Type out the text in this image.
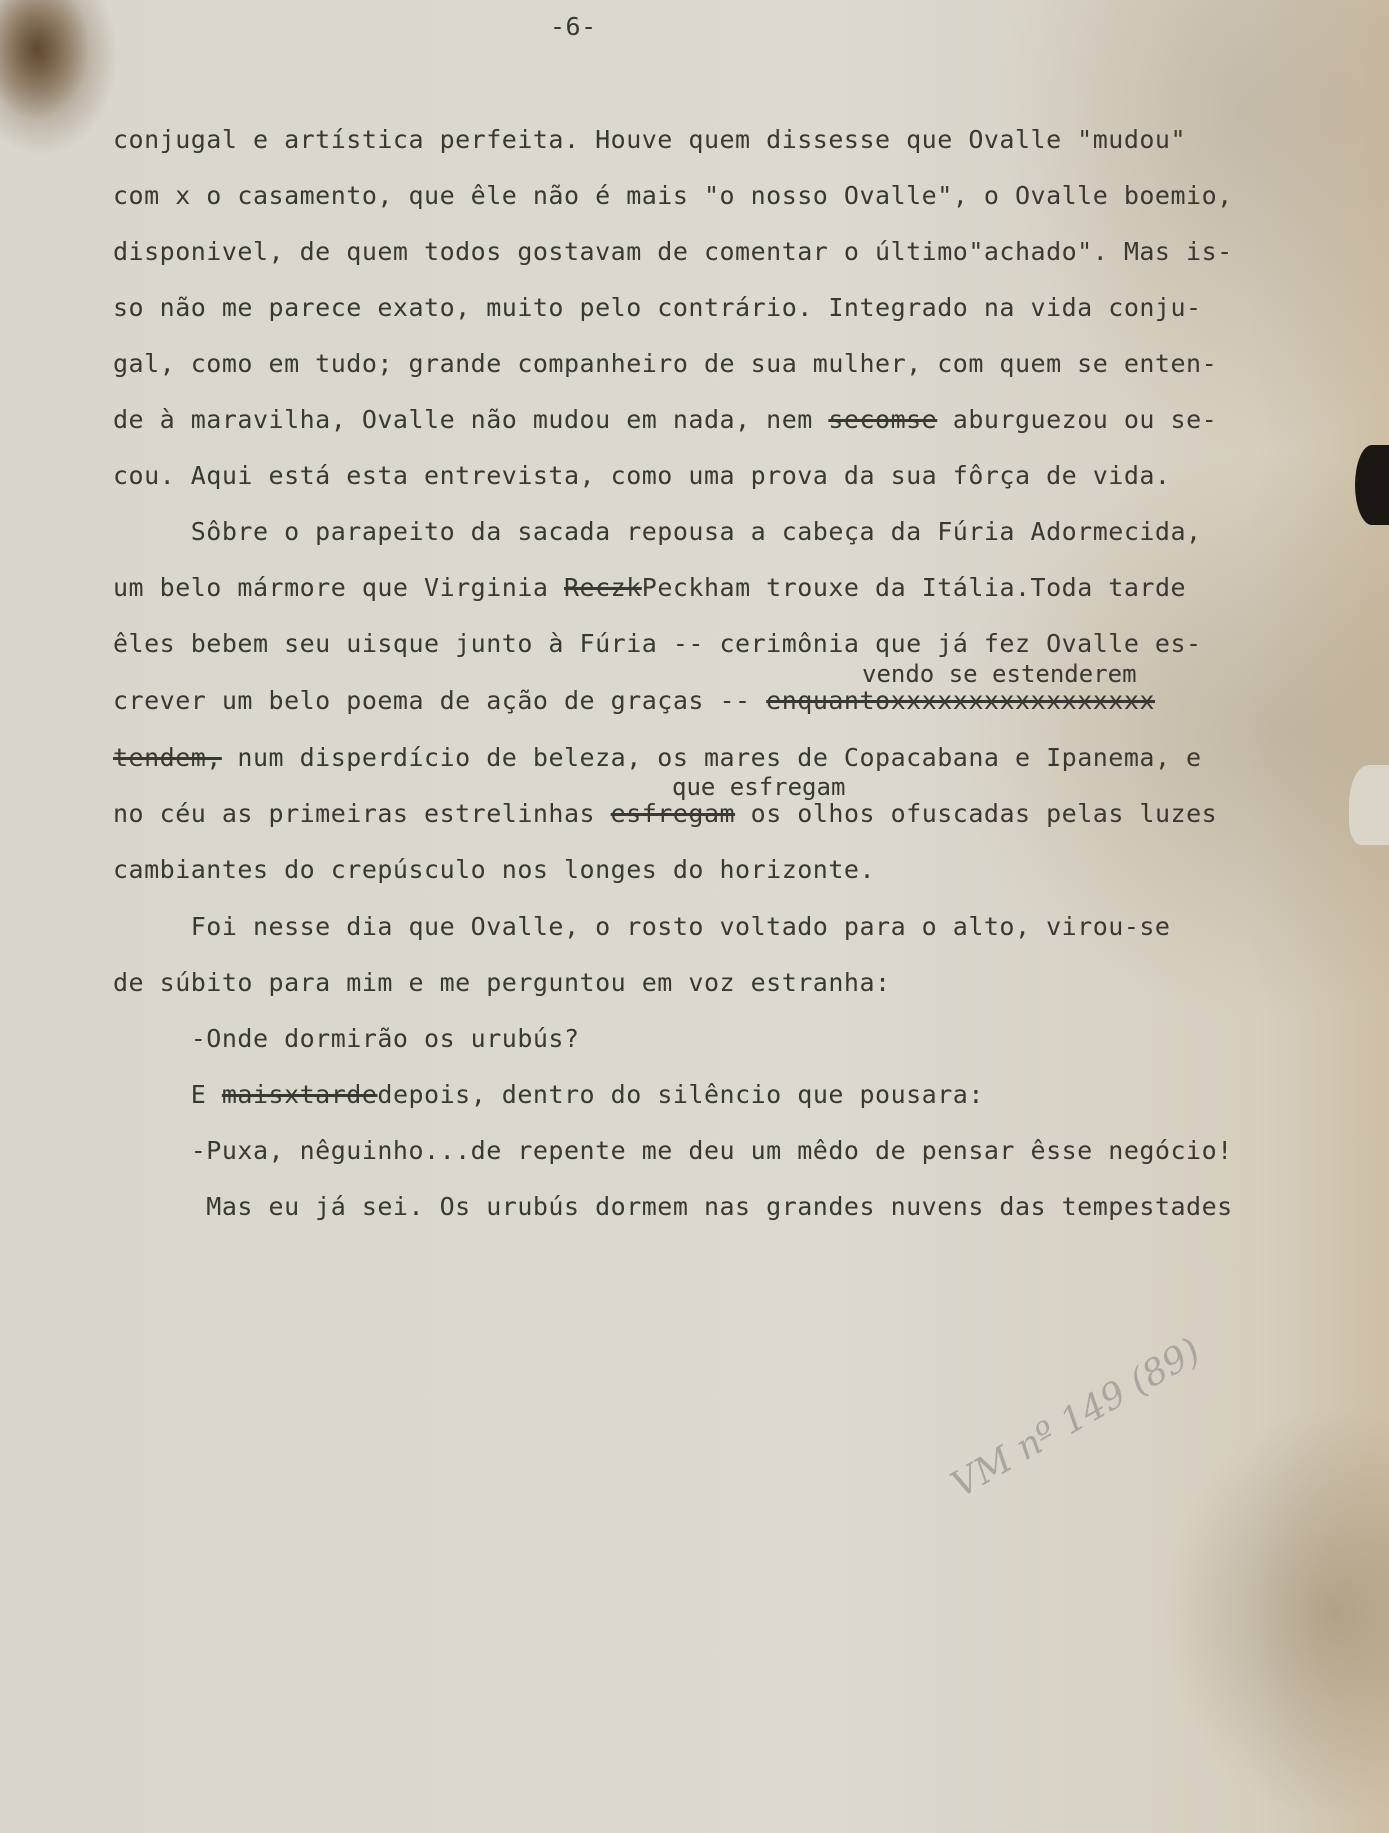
-6-
conjugal e artística perfeita. Houve quem dissesse que Ovalle "mudou"
com x o casamento, que êle não é mais "o nosso Ovalle", o Ovalle boemio,
disponivel, de quem todos gostavam de comentar o último"achado". Mas is-
so não me parece exato, muito pelo contrário. Integrado na vida conju-
gal, como em tudo; grande companheiro de sua mulher, com quem se enten-
de à maravilha, Ovalle não mudou em nada, nem secomse aburguezou ou se-
cou. Aqui está esta entrevista, como uma prova da sua fôrça de vida.
Sôbre o parapeito da sacada repousa a cabeça da Fúria Adormecida,
um belo mármore que Virginia ReczkPeckham trouxe da Itália.Toda tarde
êles bebem seu uisque junto à Fúria -- cerimônia que já fez Ovalle es-
vendo se estenderem
crever um belo poema de ação de graças -- enquantoxxxxxxxxxxxxxxxxx
tendem, num disperdício de beleza, os mares de Copacabana e Ipanema, e
que esfregam
no céu as primeiras estrelinhas esfregam os olhos ofuscadas pelas luzes
cambiantes do crepúsculo nos longes do horizonte.
Foi nesse dia que Ovalle, o rosto voltado para o alto, virou-se
de súbito para mim e me perguntou em voz estranha:
-Onde dormirão os urubús?
E maisxtardedepois, dentro do silêncio que pousara:
-Puxa, nêguinho...de repente me deu um mêdo de pensar êsse negócio!
Mas eu já sei. Os urubús dormem nas grandes nuvens das tempestades
VM nº 149 (89)
